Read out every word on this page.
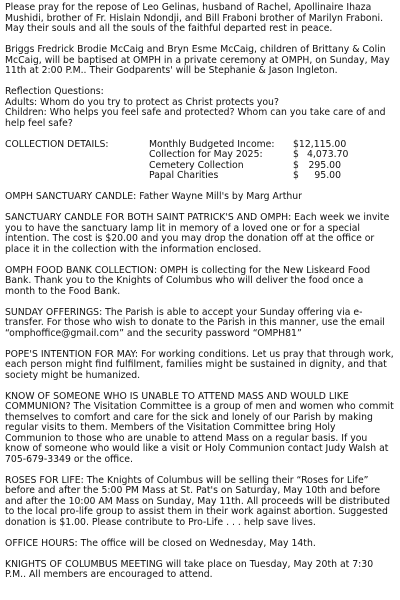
Please pray for the repose of Leo Gelinas, husband of Rachel, Apollinaire Ihaza Mushidi, brother of Fr. Hislain Ndondji, and Bill Fraboni brother of Marilyn Fraboni. May their souls and all the souls of the faithful departed rest in peace.

Briggs Fredrick Brodie McCaig and Bryn Esme McCaig, children of Brittany & Colin McCaig, will be baptised at OMPH in a private ceremony at OMPH, on Sunday, May 11th at 2:00 P.M.. Their Godparents' will be Stephanie & Jason Ingleton.

Reflection Questions:
Adults: Whom do you try to protect as Christ protects you?
Children: Who helps you feel safe and protected? Whom can you take care of and help feel safe?
COLLECTION DETAILS:	Monthly Budgeted Income:	$12,115.00
Collection for May 2025:	$ 4,073.70
Cemetery Collection	$	295.00
Papal Charities	$	95.00

OMPH SANCTUARY CANDLE: Father Wayne Mill's by Marg Arthur

SANCTUARY CANDLE FOR BOTH SAINT PATRICK'S AND OMPH: Each week we invite you to have the sanctuary lamp lit in memory of a loved one or for a special intention. The cost is $20.00 and you may drop the donation off at the office or place it in the collection with the information enclosed.

OMPH FOOD BANK COLLECTION: OMPH is collecting for the New Liskeard Food Bank. Thank you to the Knights of Columbus who will deliver the food once a month to the Food Bank.

SUNDAY OFFERINGS: The Parish is able to accept your Sunday offering via e-transfer. For those who wish to donate to the Parish in this manner, use the email “omphoffice@gmail.com” and the security password “OMPH81”

POPE'S INTENTION FOR MAY: For working conditions. Let us pray that through work, each person might find fulfilment, families might be sustained in dignity, and that society might be humanized.

KNOW OF SOMEONE WHO IS UNABLE TO ATTEND MASS AND WOULD LIKE COMMUNION? The Visitation Committee is a group of men and women who commit themselves to comfort and care for the sick and lonely of our Parish by making regular visits to them. Members of the Visitation Committee bring Holy Communion to those who are unable to attend Mass on a regular basis. If you know of someone who would like a visit or Holy Communion contact Judy Walsh at 705-679-3349 or the office.

ROSES FOR LIFE: The Knights of Columbus will be selling their “Roses for Life” before and after the 5:00 PM Mass at St. Pat's on Saturday, May 10th and before and after the 10:00 AM Mass on Sunday, May 11th. All proceeds will be distributed to the local pro-life group to assist them in their work against abortion. Suggested donation is $1.00. Please contribute to Pro-Life . . . help save lives.

OFFICE HOURS: The office will be closed on Wednesday, May 14th.

KNIGHTS OF COLUMBUS MEETING will take place on Tuesday, May 20th at 7:30 P.M.. All members are encouraged to attend.
